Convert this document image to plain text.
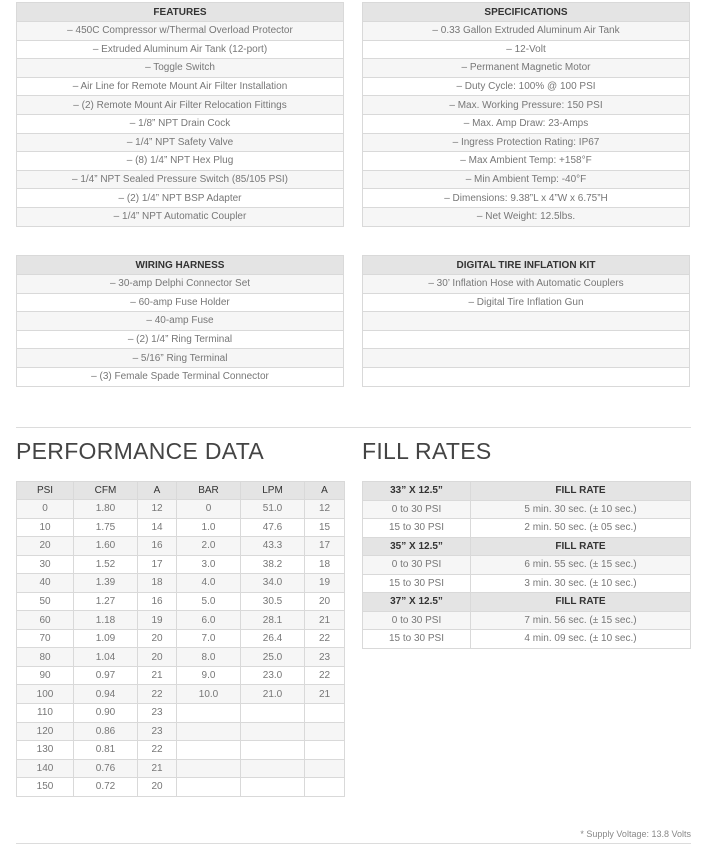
FEATURES
– 450C Compressor w/Thermal Overload Protector
– Extruded Aluminum Air Tank (12-port)
– Toggle Switch
– Air Line for Remote Mount Air Filter Installation
– (2) Remote Mount Air Filter Relocation Fittings
– 1/8” NPT Drain Cock
– 1/4” NPT Safety Valve
– (8) 1/4” NPT Hex Plug
– 1/4” NPT Sealed Pressure Switch (85/105 PSI)
– (2) 1/4” NPT BSP Adapter
– 1/4” NPT Automatic Coupler
SPECIFICATIONS
– 0.33 Gallon Extruded Aluminum Air Tank
– 12-Volt
– Permanent Magnetic Motor
– Duty Cycle: 100% @ 100 PSI
– Max. Working Pressure: 150 PSI
– Max. Amp Draw: 23-Amps
– Ingress Protection Rating: IP67
– Max Ambient Temp: +158°F
– Min Ambient Temp: -40°F
– Dimensions: 9.38”L x 4”W x 6.75”H
– Net Weight: 12.5lbs.
WIRING HARNESS
– 30-amp Delphi Connector Set
– 60-amp Fuse Holder
– 40-amp Fuse
– (2) 1/4” Ring Terminal
– 5/16” Ring Terminal
– (3) Female Spade Terminal Connector
DIGITAL TIRE INFLATION KIT
– 30’ Inflation Hose with Automatic Couplers
– Digital Tire Inflation Gun

PERFORMANCE DATA	FILL RATES
PSI	CFM	A	BAR	LPM	A
0	1.80	12	0	51.0	12
10	1.75	14	1.0	47.6	15
20	1.60	16	2.0	43.3	17
30	1.52	17	3.0	38.2	18
40	1.39	18	4.0	34.0	19
50	1.27	16	5.0	30.5	20
60	1.18	19	6.0	28.1	21
70	1.09	20	7.0	26.4	22
80	1.04	20	8.0	25.0	23
90	0.97	21	9.0	23.0	22
100	0.94	22	10.0	21.0	21
110	0.90	23			
120	0.86	23			
130	0.81	22			
140	0.76	21			
150	0.72	20			
33” X 12.5”	FILL RATE
0 to 30 PSI	5 min. 30 sec. (± 10 sec.)
15 to 30 PSI	2 min. 50 sec. (± 05 sec.)
35” X 12.5”	FILL RATE
0 to 30 PSI	6 min. 55 sec. (± 15 sec.)
15 to 30 PSI	3 min. 30 sec. (± 10 sec.)
37” X 12.5”	FILL RATE
0 to 30 PSI	7 min. 56 sec. (± 15 sec.)
15 to 30 PSI	4 min. 09 sec. (± 10 sec.)
* Supply Voltage: 13.8 Volts
